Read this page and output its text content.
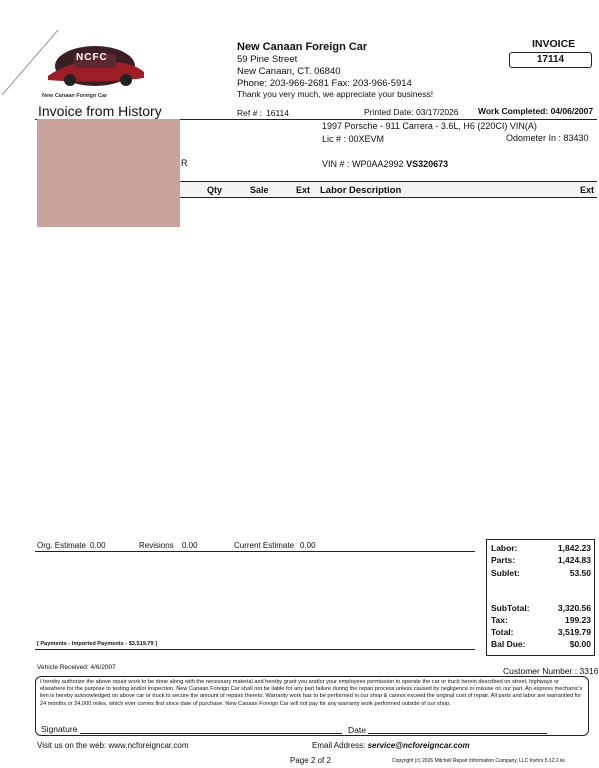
NCFC
New Canaan Foreign Car
Invoice from History
New Canaan Foreign Car
59 Pine Street
New Canaan, CT. 06840
Phone: 203-966-2681 Fax: 203-966-5914
Thank you very much, we appreciate your business!
INVOICE
17114
Ref # : 16114	Printed Date: 03/17/2026 Work Completed: 04/06/2007
R
1997 Porsche - 911 Carrera - 3.6L, H6 (220CI) VIN(A)
Lic # : 00XEVM	Odometer In : 83430
VIN # : WP0AA2992 VS320673
Qty	Sale	Ext Labor Description	Ext
Org. Estimate 0.00	Revisions 0.00	Current Estimate 0.00
[ Payments - Imported Payments - $3,519.79 ]
Labor:	1,842.23
Parts:	1,424.83
Sublet:	53.50
SubTotal:	3,320.56
Tax:	199.23
Total:	3,519.79
Bal Due:	$0.00
Vehicle Received: 4/6/2007	Customer Number : 3316
I hereby authorize the above repair work to be done along with the necessary material and hereby grant you and/or your employees permission to operate the car or truck herein described on street, highways or elsewhere for the purpose to testing and/or inspection. New Canaan Foreign Car shall not be liable for any part failure during the repair process unless caused by negligence or misuse on our part. An express mechanic's lien is hereby acknowledged on above car or truck to secure the amount of repairs thereto. Warranty work has to be performed in our shop & cannot exceed the original cost of repair. All parts and labor are warrantied for 24 months or 24,000 miles, which ever comes first since date of purchase. New Canaan Foreign Car will not pay for any warranty work performed outside of our shop.
Signature	Date
Visit us on the web: www.ncforeigncar.com	Email Address: service@ncforeigncar.com
Page 2 of 2	Copyright (c) 2026 Mitchell Repair Information Company, LLC Invhrs 5.12.2 iw
